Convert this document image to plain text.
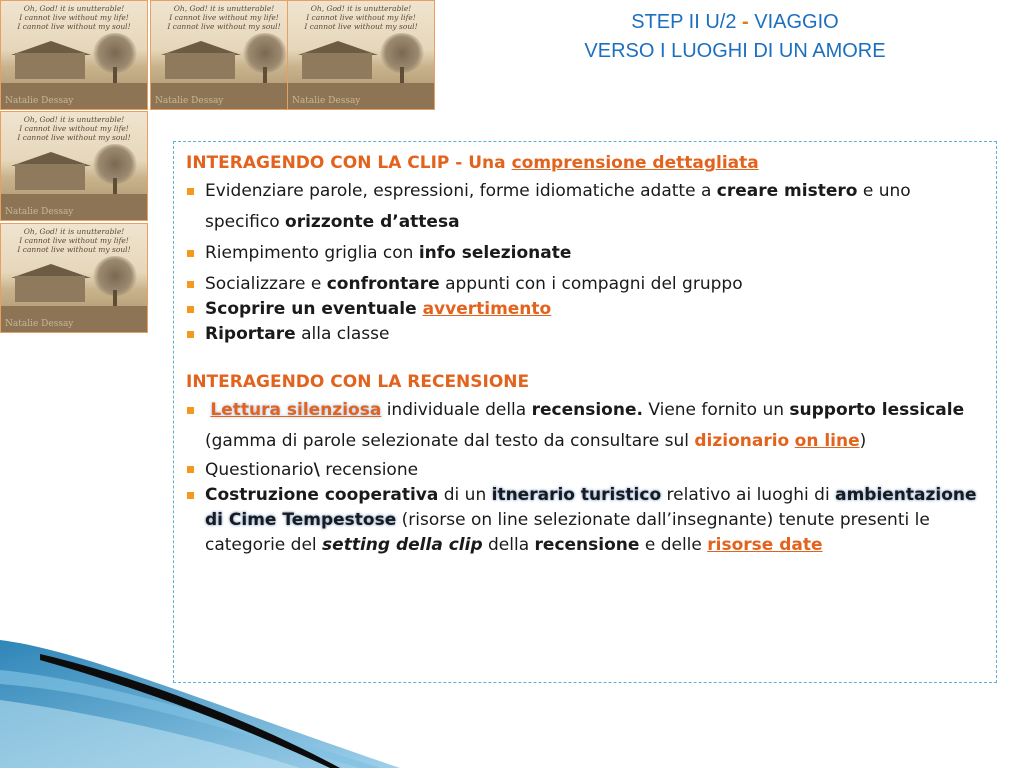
Oh, God! it is unutterable!
I cannot live without my life!
I cannot live without my soul!
Natalie Dessay
Oh, God! it is unutterable!
I cannot live without my life!
I cannot live without my soul!
Natalie Dessay
Oh, God! it is unutterable!
I cannot live without my life!
I cannot live without my soul!
Natalie Dessay
Oh, God! it is unutterable!
I cannot live without my life!
I cannot live without my soul!
Natalie Dessay
Oh, God! it is unutterable!
I cannot live without my life!
I cannot live without my soul!
Natalie Dessay
STEP II U/2 - VIAGGIO
VERSO I LUOGHI DI UN AMORE

INTERAGENDO CON LA CLIP - Una comprensione dettagliata

Evidenziare parole, espressioni, forme idiomatiche adatte a creare mistero e uno specifico orizzonte d’attesa
Riempimento griglia con info selezionate
Socializzare e confrontare appunti con i compagni del gruppo
Scoprire un eventuale avvertimento
Riportare alla classe

INTERAGENDO CON LA RECENSIONE

Lettura silenziosa individuale della recensione. Viene fornito un supporto lessicale (gamma di parole selezionate dal testo da consultare sul dizionario on line)
Questionario\ recensione
Costruzione cooperativa di un itnerario turistico relativo ai luoghi di ambientazione di Cime Tempestose (risorse on line selezionate dall’insegnante) tenute presenti le categorie del setting della clip della recensione e delle risorse date
